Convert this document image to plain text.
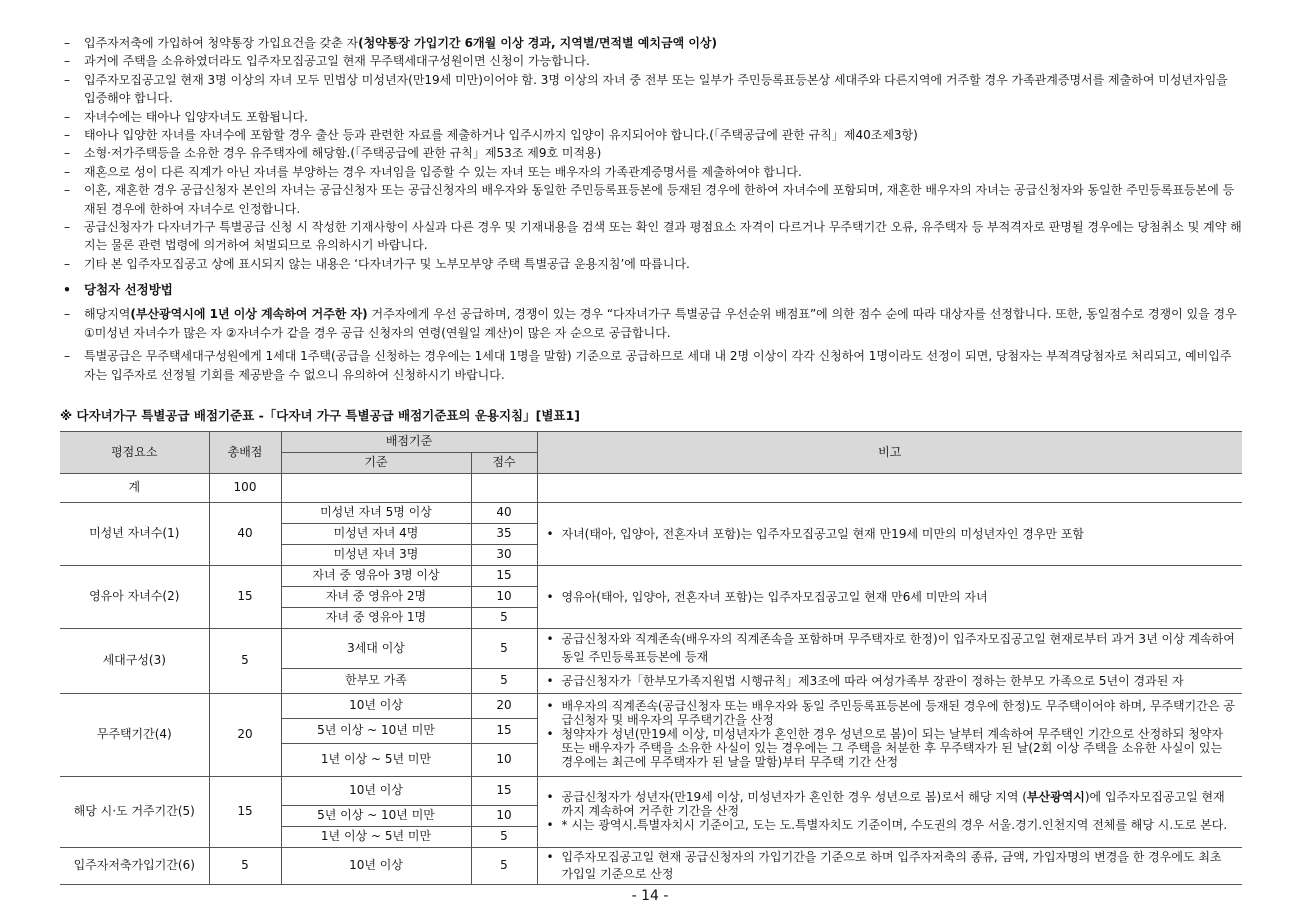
–	입주자저축에 가입하여 청약통장 가입요건을 갖춘 자(청약통장 가입기간 6개월 이상 경과, 지역별/면적별 예치금액 이상)
–	과거에 주택을 소유하였더라도 입주자모집공고일 현재 무주택세대구성원이면 신청이 가능합니다.
–	입주자모집공고일 현재 3명 이상의 자녀 모두 민법상 미성년자(만19세 미만)이어야 함. 3명 이상의 자녀 중 전부 또는 일부가 주민등록표등본상 세대주와 다른지역에 거주할 경우 가족관계증명서를 제출하여 미성년자임을 입증해야 합니다.
–	자녀수에는 태아나 입양자녀도 포함됩니다.
–	태아나 입양한 자녀를 자녀수에 포함할 경우 출산 등과 관련한 자료를 제출하거나 입주시까지 입양이 유지되어야 합니다.(「주택공급에 관한 규칙」제40조제3항)
–	소형·저가주택등을 소유한 경우 유주택자에 해당함.(「주택공급에 관한 규칙」제53조 제9호 미적용)
–	재혼으로 성이 다른 직계가 아닌 자녀를 부양하는 경우 자녀임을 입증할 수 있는 자녀 또는 배우자의 가족관계증명서를 제출하여야 합니다.
–	이혼, 재혼한 경우 공급신청자 본인의 자녀는 공급신청자 또는 공급신청자의 배우자와 동일한 주민등록표등본에 등재된 경우에 한하여 자녀수에 포함되며, 재혼한 배우자의 자녀는 공급신청자와 동일한 주민등록표등본에 등재된 경우에 한하여 자녀수로 인정합니다.
–	공급신청자가 다자녀가구 특별공급 신청 시 작성한 기재사항이 사실과 다른 경우 및 기재내용을 검색 또는 확인 결과 평점요소 자격이 다르거나 무주택기간 오류, 유주택자 등 부적격자로 판명될 경우에는 당첨취소 및 계약 해지는 물론 관련 법령에 의거하여 처벌되므로 유의하시기 바랍니다.
–	기타 본 입주자모집공고 상에 표시되지 않는 내용은 ‘다자녀가구 및 노부모부양 주택 특별공급 운용지침’에 따릅니다.
•	당첨자 선정방법
–	해당지역(부산광역시에 1년 이상 계속하여 거주한 자) 거주자에게 우선 공급하며, 경쟁이 있는 경우 “다자녀가구 특별공급 우선순위 배점표”에 의한 점수 순에 따라 대상자를 선정합니다. 또한, 동일점수로 경쟁이 있을 경우 ①미성년 자녀수가 많은 자 ②자녀수가 같을 경우 공급 신청자의 연령(연월일 계산)이 많은 자 순으로 공급합니다.
–	특별공급은 무주택세대구성원에게 1세대 1주택(공급을 신청하는 경우에는 1세대 1명을 말함) 기준으로 공급하므로 세대 내 2명 이상이 각각 신청하여 1명이라도 선정이 되면, 당첨자는 부적격당첨자로 처리되고, 예비입주자는 입주자로 선정될 기회를 제공받을 수 없으니 유의하여 신청하시기 바랍니다.
※ 다자녀가구 특별공급 배점기준표 -「다자녀 가구 특별공급 배점기준표의 운용지침」[별표1]
평점요소	총배점	배점기준		비고
		기준	점수	
계	100			
미성년 자녀수(1)	40	미성년 자녀 5명 이상	40	• 자녀(태아, 입양아, 전혼자녀 포함)는 입주자모집공고일 현재 만19세 미만의 미성년자인 경우만 포함

		미성년 자녀 4명	35	
		미성년 자녀 3명	30	
영유아 자녀수(2)	15	자녀 중 영유아 3명 이상	15	• 영유아(태아, 입양아, 전혼자녀 포함)는 입주자모집공고일 현재 만6세 미만의 자녀

		자녀 중 영유아 2명	10	
		자녀 중 영유아 1명	5	
세대구성(3)	5	3세대 이상	5	• 공급신청자와 직계존속(배우자의 직계존속을 포함하며 무주택자로 한정)이 입주자모집공고일 현재로부터 과거 3년 이상 계속하여 동일 주민등록표등본에 등재

		한부모 가족	5	• 공급신청자가「한부모가족지원법 시행규칙」제3조에 따라 여성가족부 장관이 정하는 한부모 가족으로 5년이 경과된 자

무주택기간(4)	20	10년 이상	20	• 배우자의 직계존속(공급신청자 또는 배우자와 동일 주민등록표등본에 등재된 경우에 한정)도 무주택이어야 하며, 무주택기간은 공급신청자 및 배우자의 무주택기간을 산정
• 청약자가 성년(만19세 이상, 미성년자가 혼인한 경우 성년으로 봄)이 되는 날부터 계속하여 무주택인 기간으로 산정하되 청약자 또는 배우자가 주택을 소유한 사실이 있는 경우에는 그 주택을 처분한 후 무주택자가 된 날(2회 이상 주택을 소유한 사실이 있는 경우에는 최근에 무주택자가 된 날을 말함)부터 무주택 기간 산정

		5년 이상 ~ 10년 미만	15	
		1년 이상 ~ 5년 미만	10	
해당 시·도 거주기간(5)	15	10년 이상	15	• 공급신청자가 성년자(만19세 이상, 미성년자가 혼인한 경우 성년으로 봄)로서 해당 지역 (부산광역시)에 입주자모집공고일 현재까지 계속하여 거주한 기간을 산정
• * 시는 광역시.특별자치시 기준이고, 도는 도.특별자치도 기준이며, 수도권의 경우 서울.경기.인천지역 전체를 해당 시.도로 본다.

		5년 이상 ~ 10년 미만	10	
		1년 이상 ~ 5년 미만	5	
입주자저축가입기간(6)	5	10년 이상	5	• 입주자모집공고일 현재 공급신청자의 가입기간을 기준으로 하며 입주자저축의 종류, 금액, 가입자명의 변경을 한 경우에도 최초 가입일 기준으로 산정
- 14 -
